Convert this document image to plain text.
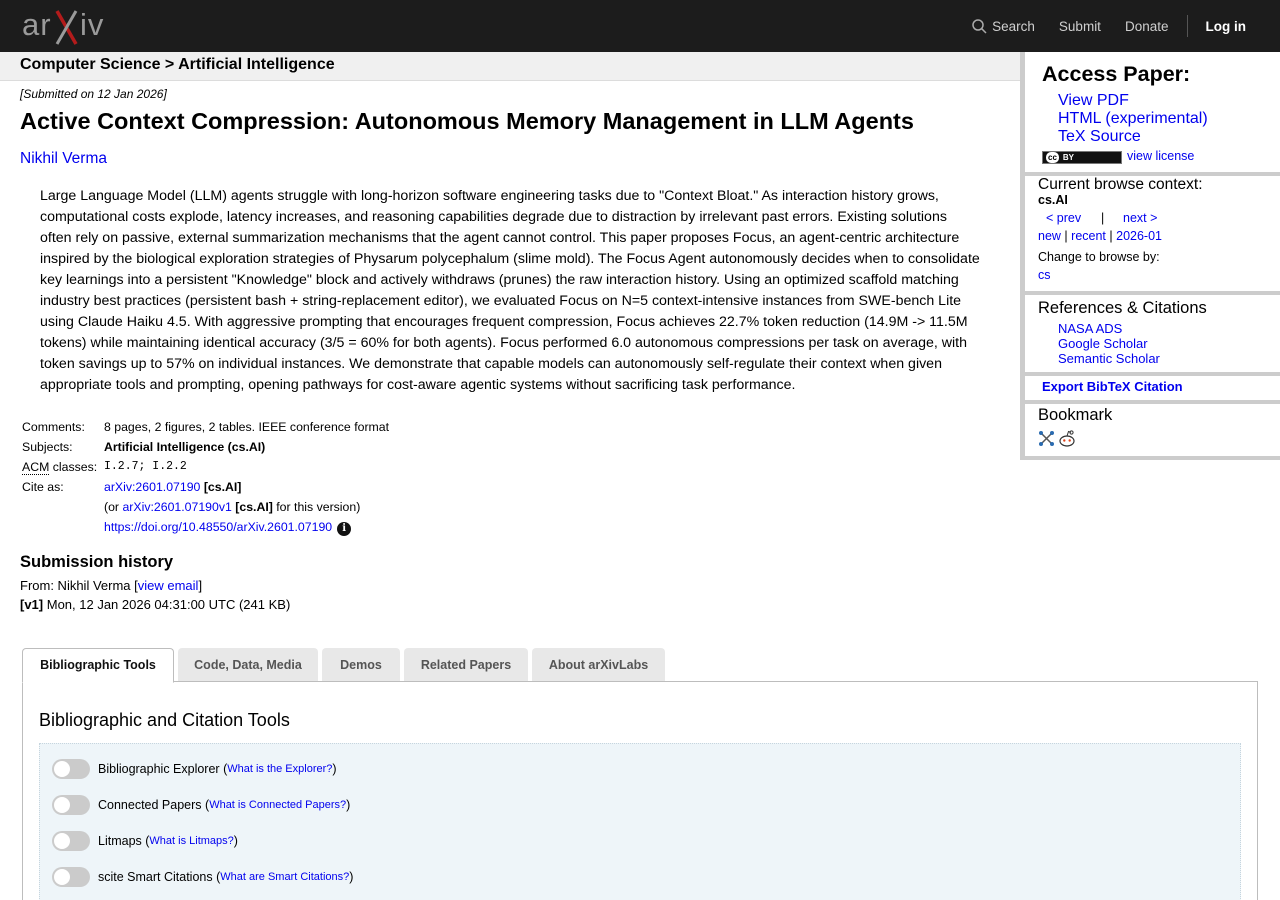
ar iv	Search Submit Donate	Log in
Computer Science > Artificial Intelligence
[Submitted on 12 Jan 2026]
Active Context Compression: Autonomous Memory Management in LLM Agents
Nikhil Verma

Large Language Model (LLM) agents struggle with long-horizon software engineering tasks due to "Context Bloat." As interaction history grows, computational costs explode, latency increases, and reasoning capabilities degrade due to distraction by irrelevant past errors. Existing solutions often rely on passive, external summarization mechanisms that the agent cannot control. This paper proposes Focus, an agent-centric architecture inspired by the biological exploration strategies of Physarum polycephalum (slime mold). The Focus Agent autonomously decides when to consolidate key learnings into a persistent "Knowledge" block and actively withdraws (prunes) the raw interaction history. Using an optimized scaffold matching industry best practices (persistent bash + string-replacement editor), we evaluated Focus on N=5 context-intensive instances from SWE-bench Lite using Claude Haiku 4.5. With aggressive prompting that encourages frequent compression, Focus achieves 22.7% token reduction (14.9M -> 11.5M tokens) while maintaining identical accuracy (3/5 = 60% for both agents). Focus performed 6.0 autonomous compressions per task on average, with token savings up to 57% on individual instances. We demonstrate that capable models can autonomously self-regulate their context when given appropriate tools and prompting, opening pathways for cost-aware agentic systems without sacrificing task performance.

Comments: 8 pages, 2 figures, 2 tables. IEEE conference format
Subjects:	Artificial Intelligence (cs.AI)
ACM classes: I.2.7; I.2.2
Cite as:	arXiv:2601.07190 [cs.AI]
(or arXiv:2601.07190v1 [cs.AI] for this version)
https://doi.org/10.48550/arXiv.2601.07190 i
Submission history
From: Nikhil Verma [view email]
[v1] Mon, 12 Jan 2026 04:31:00 UTC (241 KB)
Bibliographic Tools	Code, Data, Media	Demos	Related Papers	About arXivLabs
Bibliographic and Citation Tools
Bibliographic Explorer ( What is the Explorer? )
Connected Papers ( What is Connected Papers? )
Litmaps ( What is Litmaps? )
scite Smart Citations ( What are Smart Citations? )
Access Paper:
View PDF
HTML (experimental)
TeX Source
cc BY	view license
Current browse context:
cs.AI
< prev | next >
new | recent | 2026-01
Change to browse by:
cs
References & Citations
NASA ADS
Google Scholar
Semantic Scholar
Export BibTeX Citation
Bookmark
